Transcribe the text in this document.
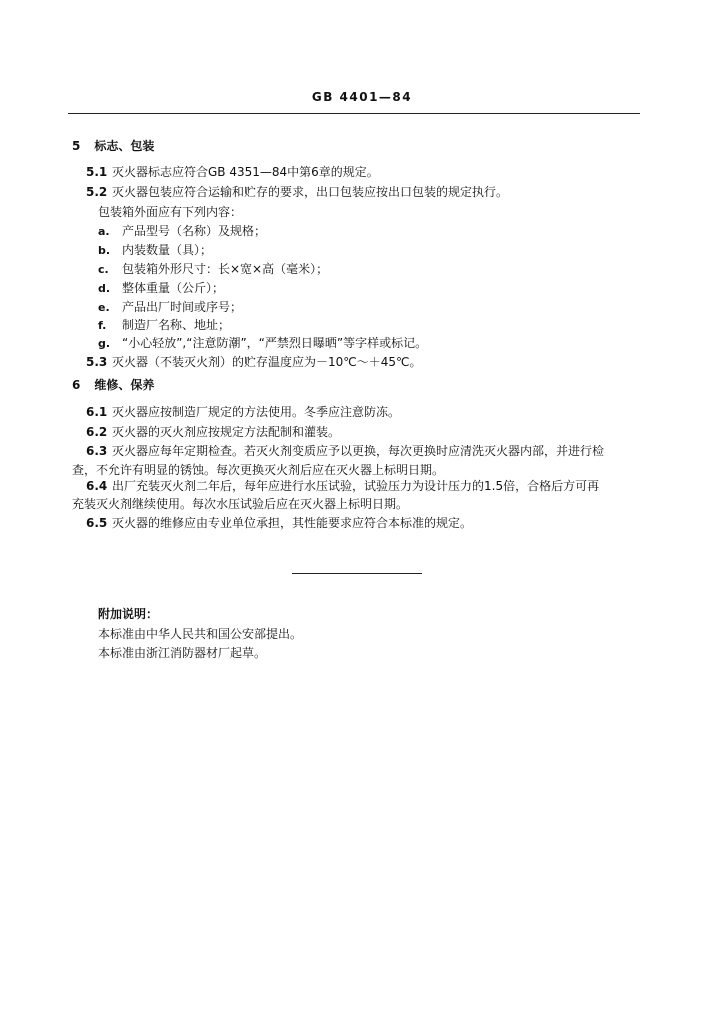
GB 4401—84
5 标志、包装
5.1 灭火器标志应符合GB 4351—84中第6章的规定。
5.2 灭火器包装应符合运输和贮存的要求，出口包装应按出口包装的规定执行。
包装箱外面应有下列内容：
a. 产品型号（名称）及规格；
b. 内装数量（具）；
c. 包装箱外形尺寸：长×宽×高（毫米）；
d. 整体重量（公斤）；
e. 产品出厂时间或序号；
f. 制造厂名称、地址；
g. “小心轻放”,“注意防潮”，“严禁烈日曝晒”等字样或标记。
5.3 灭火器（不装灭火剂）的贮存温度应为－10℃～＋45℃。
6 维修、保养
6.1 灭火器应按制造厂规定的方法使用。冬季应注意防冻。
6.2 灭火器的灭火剂应按规定方法配制和灌装。
6.3 灭火器应每年定期检查。若灭火剂变质应予以更换，每次更换时应清洗灭火器内部，并进行检
查，不允许有明显的锈蚀。每次更换灭火剂后应在灭火器上标明日期。
6.4 出厂充装灭火剂二年后，每年应进行水压试验，试验压力为设计压力的1.5倍，合格后方可再
充装灭火剂继续使用。每次水压试验后应在灭火器上标明日期。
6.5 灭火器的维修应由专业单位承担，其性能要求应符合本标准的规定。
附加说明：
本标准由中华人民共和国公安部提出。
本标准由浙江消防器材厂起草。
